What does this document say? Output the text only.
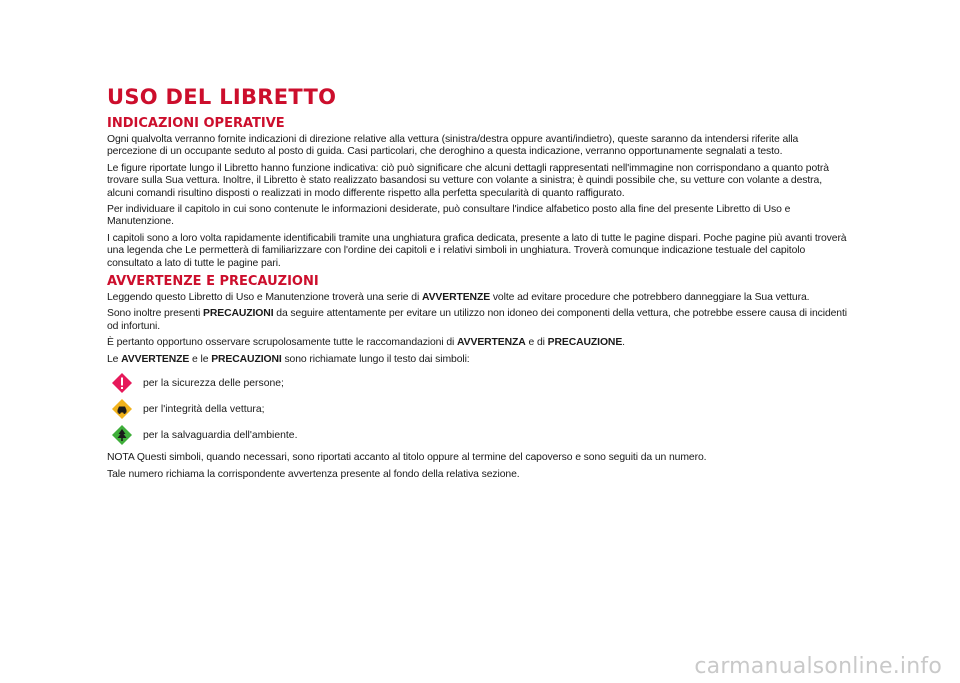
USO DEL LIBRETTO
INDICAZIONI OPERATIVE

Ogni qualvolta verranno fornite indicazioni di direzione relative alla vettura (sinistra/destra oppure avanti/indietro), queste saranno da intendersi riferite alla percezione di un occupante seduto al posto di guida. Casi particolari, che deroghino a questa indicazione, verranno opportunamente segnalati a testo.

Le figure riportate lungo il Libretto hanno funzione indicativa: ciò può significare che alcuni dettagli rappresentati nell'immagine non corrispondano a quanto potrà trovare sulla Sua vettura. Inoltre, il Libretto è stato realizzato basandosi su vetture con volante a sinistra; è quindi possibile che, su vetture con volante a destra, alcuni comandi risultino disposti o realizzati in modo differente rispetto alla perfetta specularità di quanto raffigurato.

Per individuare il capitolo in cui sono contenute le informazioni desiderate, può consultare l'indice alfabetico posto alla fine del presente Libretto di Uso e Manutenzione.

I capitoli sono a loro volta rapidamente identificabili tramite una unghiatura grafica dedicata, presente a lato di tutte le pagine dispari. Poche pagine più avanti troverà una legenda che Le permetterà di familiarizzare con l'ordine dei capitoli e i relativi simboli in unghiatura. Troverà comunque indicazione testuale del capitolo consultato a lato di tutte le pagine pari.

AVVERTENZE E PRECAUZIONI

Leggendo questo Libretto di Uso e Manutenzione troverà una serie di AVVERTENZE volte ad evitare procedure che potrebbero danneggiare la Sua vettura.

Sono inoltre presenti PRECAUZIONI da seguire attentamente per evitare un utilizzo non idoneo dei componenti della vettura, che potrebbe essere causa di incidenti od infortuni.

È pertanto opportuno osservare scrupolosamente tutte le raccomandazioni di AVVERTENZA e di PRECAUZIONE.

Le AVVERTENZE e le PRECAUZIONI sono richiamate lungo il testo dai simboli:

per la sicurezza delle persone;
per l'integrità della vettura;
per la salvaguardia dell'ambiente.

NOTA Questi simboli, quando necessari, sono riportati accanto al titolo oppure al termine del capoverso e sono seguiti da un numero.

Tale numero richiama la corrispondente avvertenza presente al fondo della relativa sezione.

carmanualsonline.info
